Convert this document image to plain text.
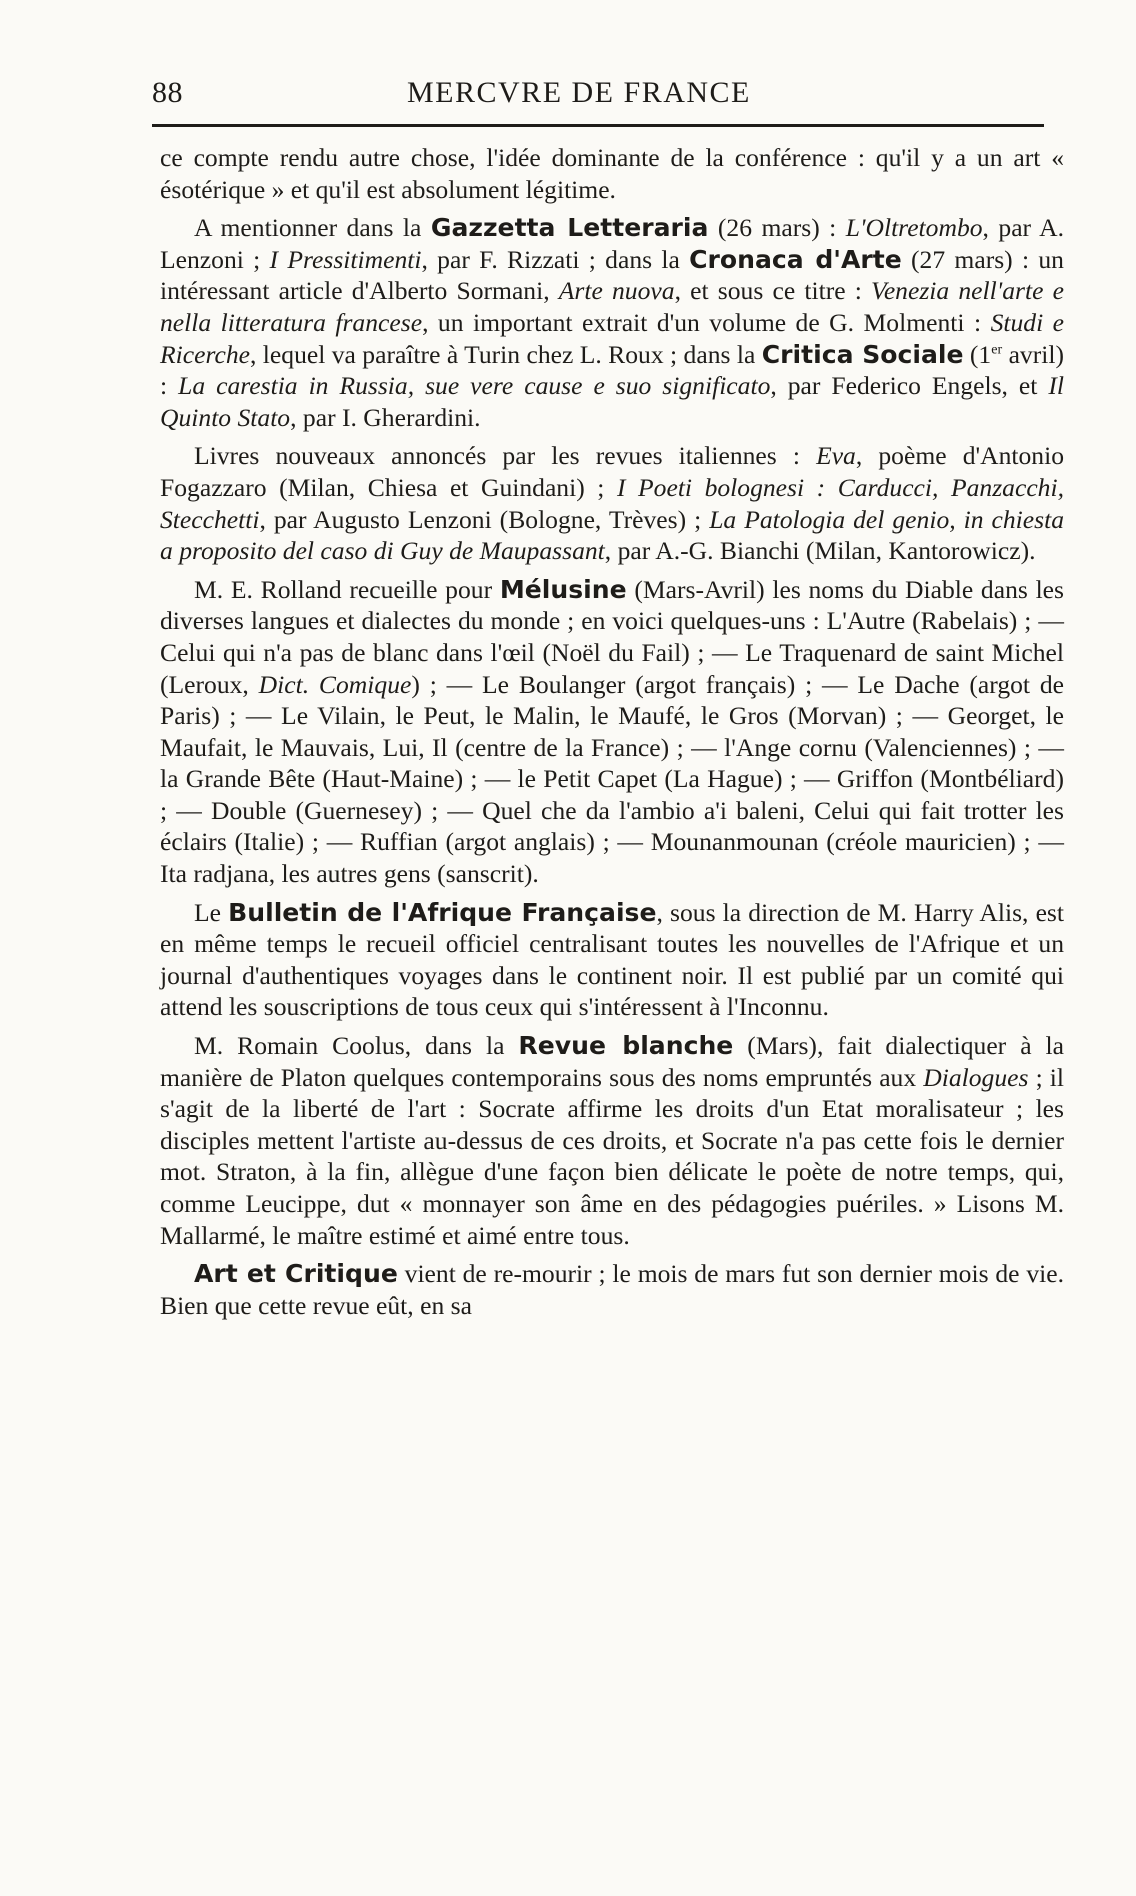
88	MERCVRE DE FRANCE

ce compte rendu autre chose, l'idée dominante de la conférence : qu'il y a un art « ésotérique » et qu'il est absolument légitime.

A mentionner dans la Gazzetta Letteraria (26 mars) : L'Oltretombo, par A. Lenzoni ; I Pressitimenti, par F. Rizzati ; dans la Cronaca d'Arte (27 mars) : un intéressant article d'Alberto Sormani, Arte nuova, et sous ce titre : Venezia nell'arte e nella litteratura francese, un important extrait d'un volume de G. Molmenti : Studi e Ricerche, lequel va paraître à Turin chez L. Roux ; dans la Critica Sociale (1er avril) : La carestia in Russia, sue vere cause e suo significato, par Federico Engels, et Il Quinto Stato, par I. Gherardini.

Livres nouveaux annoncés par les revues italiennes : Eva, poème d'Antonio Fogazzaro (Milan, Chiesa et Guindani) ; I Poeti bolognesi : Carducci, Panzacchi, Stecchetti, par Augusto Lenzoni (Bologne, Trèves) ; La Patologia del genio, in chiesta a proposito del caso di Guy de Maupassant, par A.-G. Bianchi (Milan, Kantorowicz).

M. E. Rolland recueille pour Mélusine (Mars-Avril) les noms du Diable dans les diverses langues et dialectes du monde ; en voici quelques-uns : L'Autre (Rabelais) ; — Celui qui n'a pas de blanc dans l'œil (Noël du Fail) ; — Le Traquenard de saint Michel (Leroux, Dict. Comique) ; — Le Boulanger (argot français) ; — Le Dache (argot de Paris) ; — Le Vilain, le Peut, le Malin, le Maufé, le Gros (Morvan) ; — Georget, le Maufait, le Mauvais, Lui, Il (centre de la France) ; — l'Ange cornu (Valenciennes) ; — la Grande Bête (Haut-Maine) ; — le Petit Capet (La Hague) ; — Griffon (Montbéliard) ; — Double (Guernesey) ; — Quel che da l'ambio a'i baleni, Celui qui fait trotter les éclairs (Italie) ; — Ruffian (argot anglais) ; — Mounanmounan (créole mauricien) ; — Ita radjana, les autres gens (sanscrit).

Le Bulletin de l'Afrique Française, sous la direction de M. Harry Alis, est en même temps le recueil officiel centralisant toutes les nouvelles de l'Afrique et un journal d'authentiques voyages dans le continent noir. Il est publié par un comité qui attend les souscriptions de tous ceux qui s'intéressent à l'Inconnu.

M. Romain Coolus, dans la Revue blanche (Mars), fait dialectiquer à la manière de Platon quelques contemporains sous des noms empruntés aux Dialogues ; il s'agit de la liberté de l'art : Socrate affirme les droits d'un Etat moralisateur ; les disciples mettent l'artiste au-dessus de ces droits, et Socrate n'a pas cette fois le dernier mot. Straton, à la fin, allègue d'une façon bien délicate le poète de notre temps, qui, comme Leucippe, dut « monnayer son âme en des pédagogies puériles. » Lisons M. Mallarmé, le maître estimé et aimé entre tous.

Art et Critique vient de re-mourir ; le mois de mars fut son dernier mois de vie. Bien que cette revue eût, en sa
